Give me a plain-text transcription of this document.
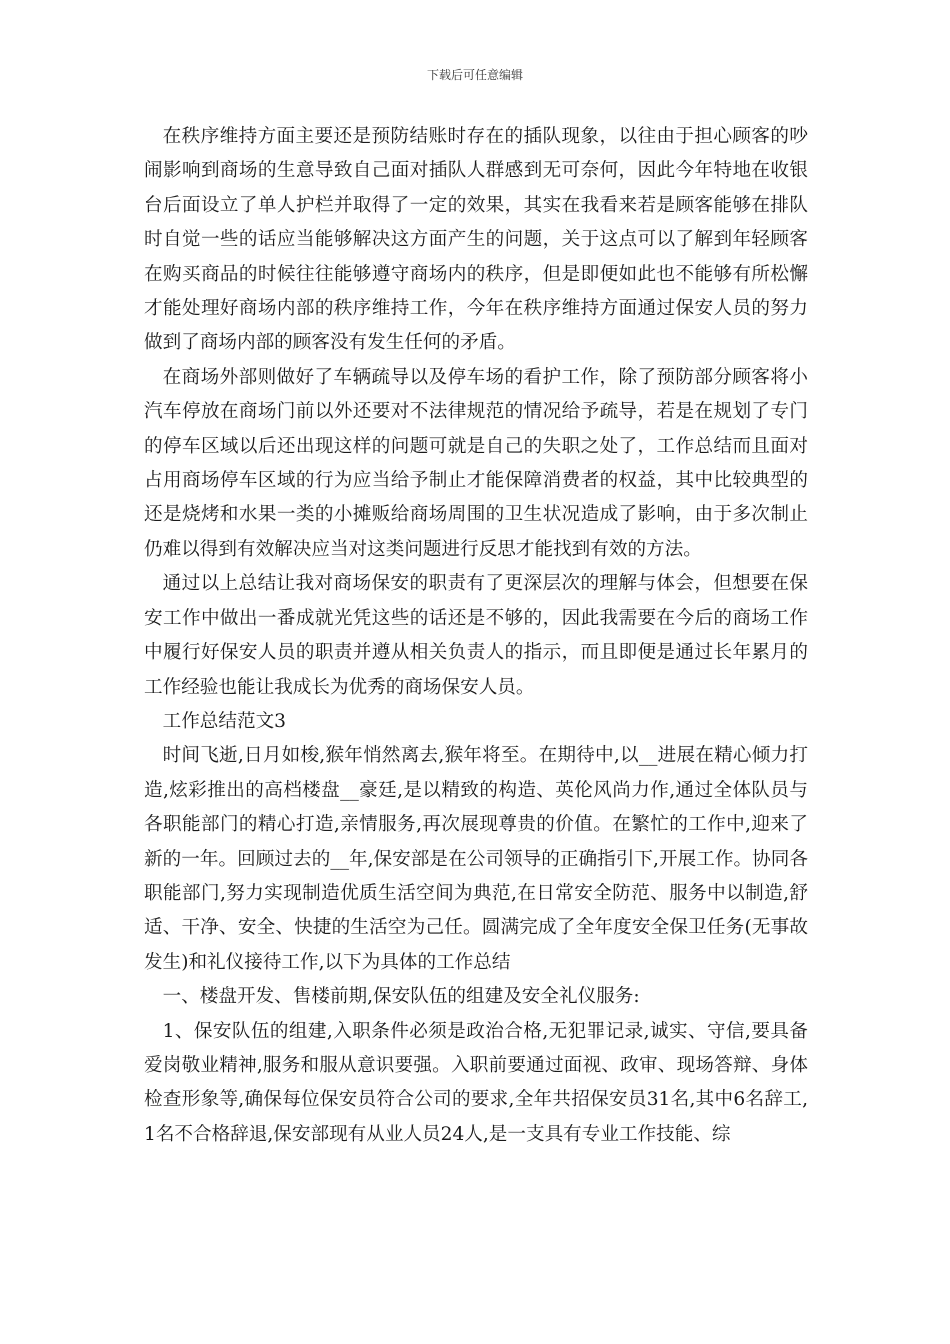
下载后可任意编辑

在秩序维持方面主要还是预防结账时存在的插队现象，以往由于担心顾客的吵闹影响到商场的生意导致自己面对插队人群感到无可奈何，因此今年特地在收银台后面设立了单人护栏并取得了一定的效果，其实在我看来若是顾客能够在排队时自觉一些的话应当能够解决这方面产生的问题，关于这点可以了解到年轻顾客在购买商品的时候往往能够遵守商场内的秩序，但是即便如此也不能够有所松懈才能处理好商场内部的秩序维持工作，今年在秩序维持方面通过保安人员的努力做到了商场内部的顾客没有发生任何的矛盾。

在商场外部则做好了车辆疏导以及停车场的看护工作，除了预防部分顾客将小汽车停放在商场门前以外还要对不法律规范的情况给予疏导，若是在规划了专门的停车区域以后还出现这样的问题可就是自己的失职之处了，工作总结而且面对占用商场停车区域的行为应当给予制止才能保障消费者的权益，其中比较典型的还是烧烤和水果一类的小摊贩给商场周围的卫生状况造成了影响，由于多次制止仍难以得到有效解决应当对这类问题进行反思才能找到有效的方法。

通过以上总结让我对商场保安的职责有了更深层次的理解与体会，但想要在保安工作中做出一番成就光凭这些的话还是不够的，因此我需要在今后的商场工作中履行好保安人员的职责并遵从相关负责人的指示，而且即便是通过长年累月的工作经验也能让我成长为优秀的商场保安人员。

工作总结范文3

时间飞逝,日月如梭,猴年悄然离去,猴年将至。在期待中,以__进展在精心倾力打造,炫彩推出的高档楼盘__豪廷,是以精致的构造、英伦风尚力作,通过全体队员与各职能部门的精心打造,亲情服务,再次展现尊贵的价值。在繁忙的工作中,迎来了新的一年。回顾过去的__年,保安部是在公司领导的正确指引下,开展工作。协同各职能部门,努力实现制造优质生活空间为典范,在日常安全防范、服务中以制造,舒适、干净、安全、快捷的生活空为己任。圆满完成了全年度安全保卫任务(无事故发生)和礼仪接待工作,以下为具体的工作总结

一、楼盘开发、售楼前期,保安队伍的组建及安全礼仪服务:

1、保安队伍的组建,入职条件必须是政治合格,无犯罪记录,诚实、守信,要具备爱岗敬业精神,服务和服从意识要强。入职前要通过面视、政审、现场答辩、身体检查形象等,确保每位保安员符合公司的要求,全年共招保安员31名,其中6名辞工,1名不合格辞退,保安部现有从业人员24人,是一支具有专业工作技能、综
